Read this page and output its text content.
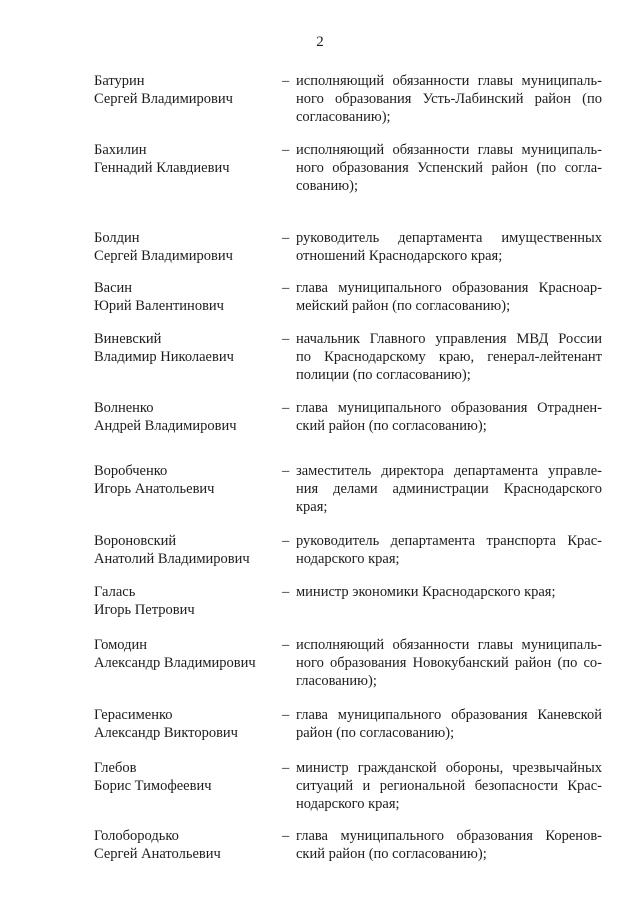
2
Батурин
Сергей Владимирович
– исполняющий обязанности главы муниципаль-
ного образования Усть-Лабинский район (по
согласованию);
Бахилин
Геннадий Клавдиевич
– исполняющий обязанности главы муниципаль-
ного образования Успенский район (по согла-
сованию);
Болдин
Сергей Владимирович
– руководитель департамента имущественных
отношений Краснодарского края;
Васин
Юрий Валентинович
– глава муниципального образования Красноар-
мейский район (по согласованию);
Виневский
Владимир Николаевич
– начальник Главного управления МВД России
по Краснодарскому краю, генерал-лейтенант
полиции (по согласованию);
Волненко
Андрей Владимирович
– глава муниципального образования Отраднен-
ский район (по согласованию);
Воробченко
Игорь Анатольевич
– заместитель директора департамента управле-
ния делами администрации Краснодарского
края;
Вороновский
Анатолий Владимирович
– руководитель департамента транспорта Крас-
нодарского края;
Галась
Игорь Петрович
– министр экономики Краснодарского края;
Гомодин
Александр Владимирович
– исполняющий обязанности главы муниципаль-
ного образования Новокубанский район (по со-
гласованию);
Герасименко
Александр Викторович
– глава муниципального образования Каневской
район (по согласованию);
Глебов
Борис Тимофеевич
– министр гражданской обороны, чрезвычайных
ситуаций и региональной безопасности Крас-
нодарского края;
Голобородько
Сергей Анатольевич
– глава муниципального образования Коренов-
ский район (по согласованию);
